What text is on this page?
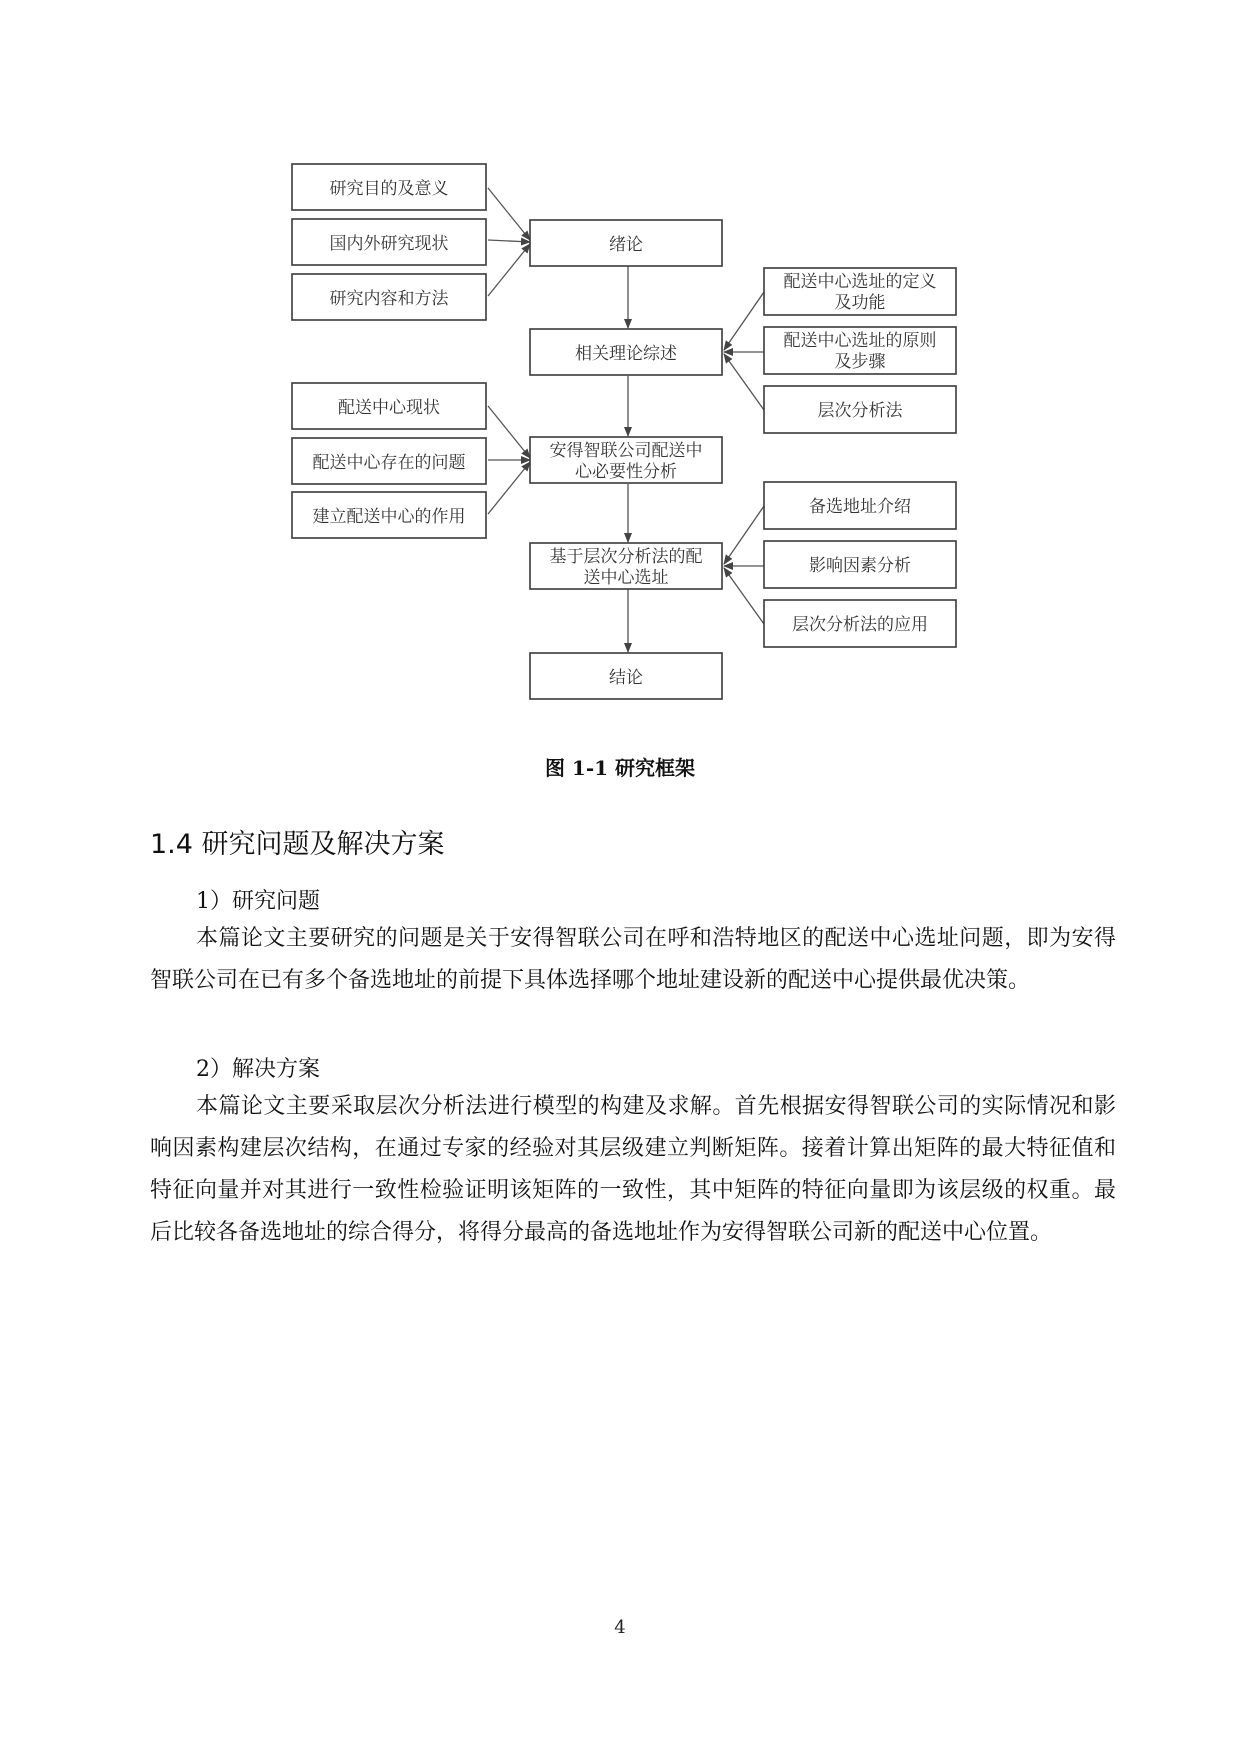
研究目的及意义
国内外研究现状
研究内容和方法
配送中心现状
配送中心存在的问题
建立配送中心的作用
绪论
相关理论综述
安得智联公司配送中
心必要性分析
基于层次分析法的配
送中心选址
结论
配送中心选址的定义
及功能
配送中心选址的原则
及步骤
层次分析法
备选地址介绍
影响因素分析
层次分析法的应用
图 1-1 研究框架
1.4 研究问题及解决方案
1）研究问题

本篇论文主要研究的问题是关于安得智联公司在呼和浩特地区的配送中心选址问题，即为安得智联公司在已有多个备选地址的前提下具体选择哪个地址建设新的配送中心提供最优决策。

2）解决方案

本篇论文主要采取层次分析法进行模型的构建及求解。首先根据安得智联公司的实际情况和影响因素构建层次结构，在通过专家的经验对其层级建立判断矩阵。接着计算出矩阵的最大特征值和特征向量并对其进行一致性检验证明该矩阵的一致性，其中矩阵的特征向量即为该层级的权重。最后比较各备选地址的综合得分，将得分最高的备选地址作为安得智联公司新的配送中心位置。

4
